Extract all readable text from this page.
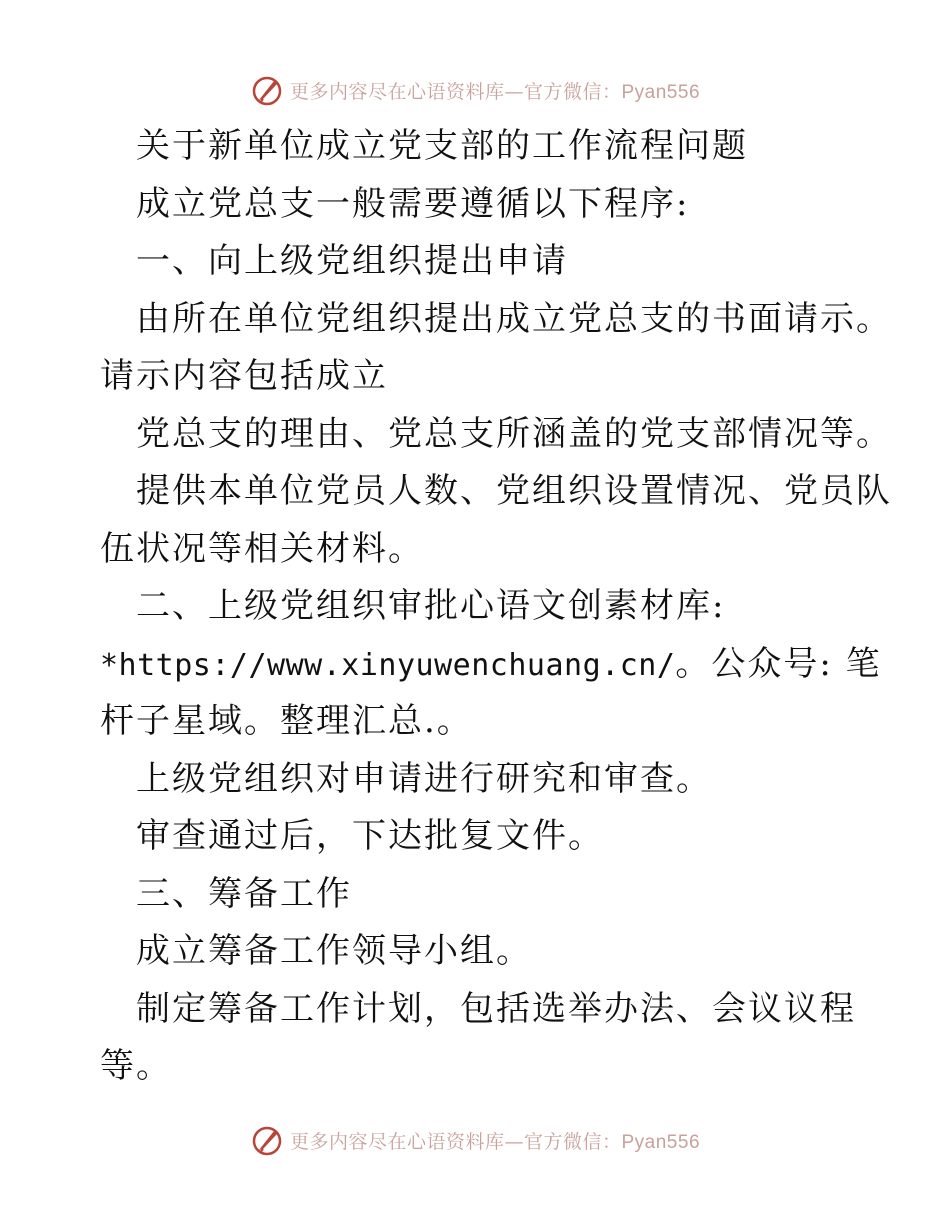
更多内容尽在心语资料库—官方微信：Pyan556
关于新单位成立党支部的工作流程问题
成立党总支一般需要遵循以下程序:
一、向上级党组织提出申请
由所在单位党组织提出成立党总支的书面请示。
请示内容包括成立
党总支的理由、党总支所涵盖的党支部情况等。
提供本单位党员人数、党组织设置情况、党员队
伍状况等相关材料。
二、上级党组织审批心语文创素材库:
*https://www.xinyuwenchuang.cn/。公众号: 笔
杆子星域。整理汇总.。
上级党组织对申请进行研究和审查。
审查通过后，下达批复文件。
三、筹备工作
成立筹备工作领导小组。
制定筹备工作计划，包括选举办法、会议议程
等。
更多内容尽在心语资料库—官方微信：Pyan556
